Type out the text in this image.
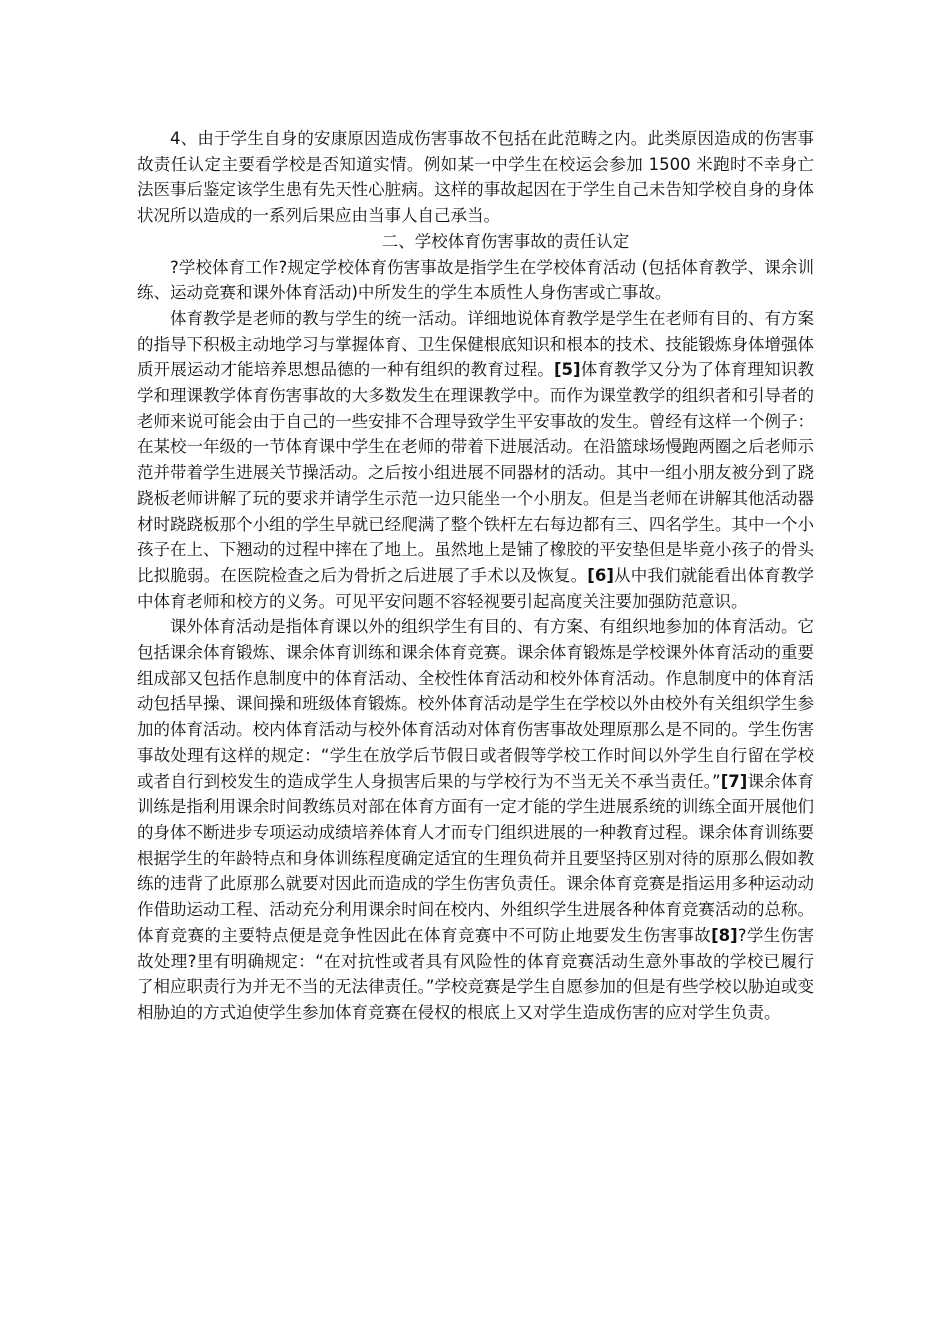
4、由于学生自身的安康原因造成伤害事故不包括在此范畴之内。此类原因造成的伤害事故责任认定主要看学校是否知道实情。例如某一中学生在校运会参加 1500 米跑时不幸身亡法医事后鉴定该学生患有先天性心脏病。这样的事故起因在于学生自己未告知学校自身的身体状况所以造成的一系列后果应由当事人自己承当。

二、学校体育伤害事故的责任认定

?学校体育工作?规定学校体育伤害事故是指学生在学校体育活动 (包括体育教学、课余训练、运动竞赛和课外体育活动)中所发生的学生本质性人身伤害或亡事故。

体育教学是老师的教与学生的统一活动。详细地说体育教学是学生在老师有目的、有方案的指导下积极主动地学习与掌握体育、卫生保健根底知识和根本的技术、技能锻炼身体增强体质开展运动才能培养思想品德的一种有组织的教育过程。[5]体育教学又分为了体育理知识教学和理课教学体育伤害事故的大多数发生在理课教学中。而作为课堂教学的组织者和引导者的老师来说可能会由于自己的一些安排不合理导致学生平安事故的发生。曾经有这样一个例子：在某校一年级的一节体育课中学生在老师的带着下进展活动。在沿篮球场慢跑两圈之后老师示范并带着学生进展关节操活动。之后按小组进展不同器材的活动。其中一组小朋友被分到了跷跷板老师讲解了玩的要求并请学生示范一边只能坐一个小朋友。但是当老师在讲解其他活动器材时跷跷板那个小组的学生早就已经爬满了整个铁杆左右每边都有三、四名学生。其中一个小孩子在上、下翘动的过程中摔在了地上。虽然地上是铺了橡胶的平安垫但是毕竟小孩子的骨头比拟脆弱。在医院检查之后为骨折之后进展了手术以及恢复。[6]从中我们就能看出体育教学中体育老师和校方的义务。可见平安问题不容轻视要引起高度关注要加强防范意识。

课外体育活动是指体育课以外的组织学生有目的、有方案、有组织地参加的体育活动。它包括课余体育锻炼、课余体育训练和课余体育竞赛。课余体育锻炼是学校课外体育活动的重要组成部又包括作息制度中的体育活动、全校性体育活动和校外体育活动。作息制度中的体育活动包括早操、课间操和班级体育锻炼。校外体育活动是学生在学校以外由校外有关组织学生参加的体育活动。校内体育活动与校外体育活动对体育伤害事故处理原那么是不同的。学生伤害事故处理有这样的规定：“学生在放学后节假日或者假等学校工作时间以外学生自行留在学校或者自行到校发生的造成学生人身损害后果的与学校行为不当无关不承当责任。”[7]课余体育训练是指利用课余时间教练员对部在体育方面有一定才能的学生进展系统的训练全面开展他们的身体不断进步专项运动成绩培养体育人才而专门组织进展的一种教育过程。课余体育训练要根据学生的年龄特点和身体训练程度确定适宜的生理负荷并且要坚持区别对待的原那么假如教练的违背了此原那么就要对因此而造成的学生伤害负责任。课余体育竞赛是指运用多种运动动作借助运动工程、活动充分利用课余时间在校内、外组织学生进展各种体育竞赛活动的总称。体育竞赛的主要特点便是竞争性因此在体育竞赛中不可防止地要发生伤害事故[8]?学生伤害故处理?里有明确规定：“在对抗性或者具有风险性的体育竞赛活动生意外事故的学校已履行了相应职责行为并无不当的无法律责任。”学校竞赛是学生自愿参加的但是有些学校以胁迫或变相胁迫的方式迫使学生参加体育竞赛在侵权的根底上又对学生造成伤害的应对学生负责。
